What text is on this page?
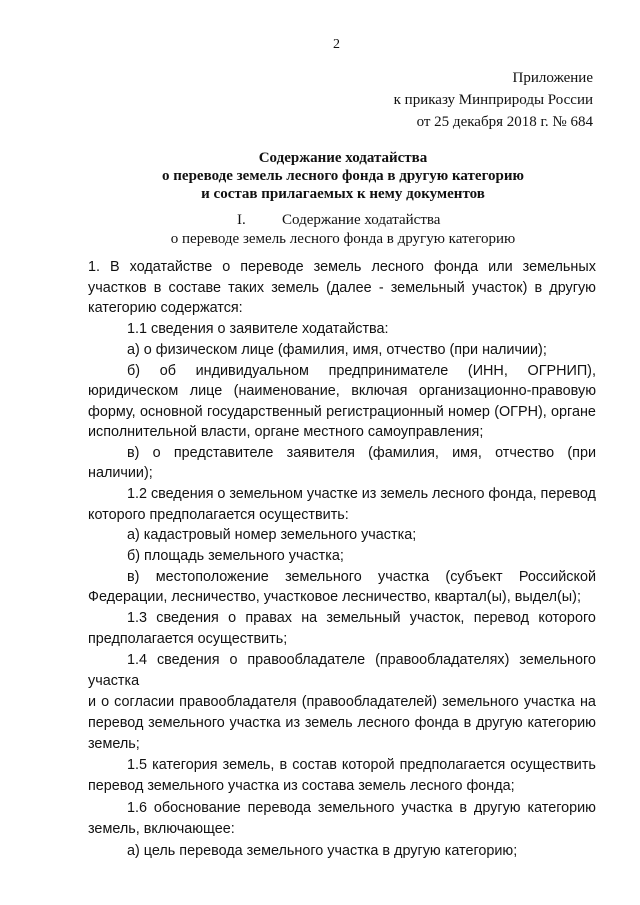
2
Приложение
к приказу Минприроды России
от 25 декабря 2018 г. № 684
Содержание ходатайства
о переводе земель лесного фонда в другую категорию
и состав прилагаемых к нему документов
I. Содержание ходатайства
о переводе земель лесного фонда в другую категорию
1. В ходатайстве о переводе земель лесного фонда или земельных
участков в составе таких земель (далее - земельный участок) в другую
категорию содержатся:
1.1 сведения о заявителе ходатайства:
а) о физическом лице (фамилия, имя, отчество (при наличии);
б) об индивидуальном предпринимателе (ИНН, ОГРНИП),
юридическом лице (наименование, включая организационно-правовую
форму, основной государственный регистрационный номер (ОГРН), органе
исполнительной власти, органе местного самоуправления;
в) о представителе заявителя (фамилия, имя, отчество (при
наличии);
1.2 сведения о земельном участке из земель лесного фонда, перевод
которого предполагается осуществить:
а) кадастровый номер земельного участка;
б) площадь земельного участка;
в) местоположение земельного участка (субъект Российской
Федерации, лесничество, участковое лесничество, квартал(ы), выдел(ы);
1.3 сведения о правах на земельный участок, перевод которого
предполагается осуществить;
1.4 сведения о правообладателе (правообладателях) земельного
участка
и о согласии правообладателя (правообладателей) земельного участка на
перевод земельного участка из земель лесного фонда в другую категорию
земель;
1.5 категория земель, в состав которой предполагается осуществить
перевод земельного участка из состава земель лесного фонда;
1.6 обоснование перевода земельного участка в другую категорию
земель, включающее:
а) цель перевода земельного участка в другую категорию;
